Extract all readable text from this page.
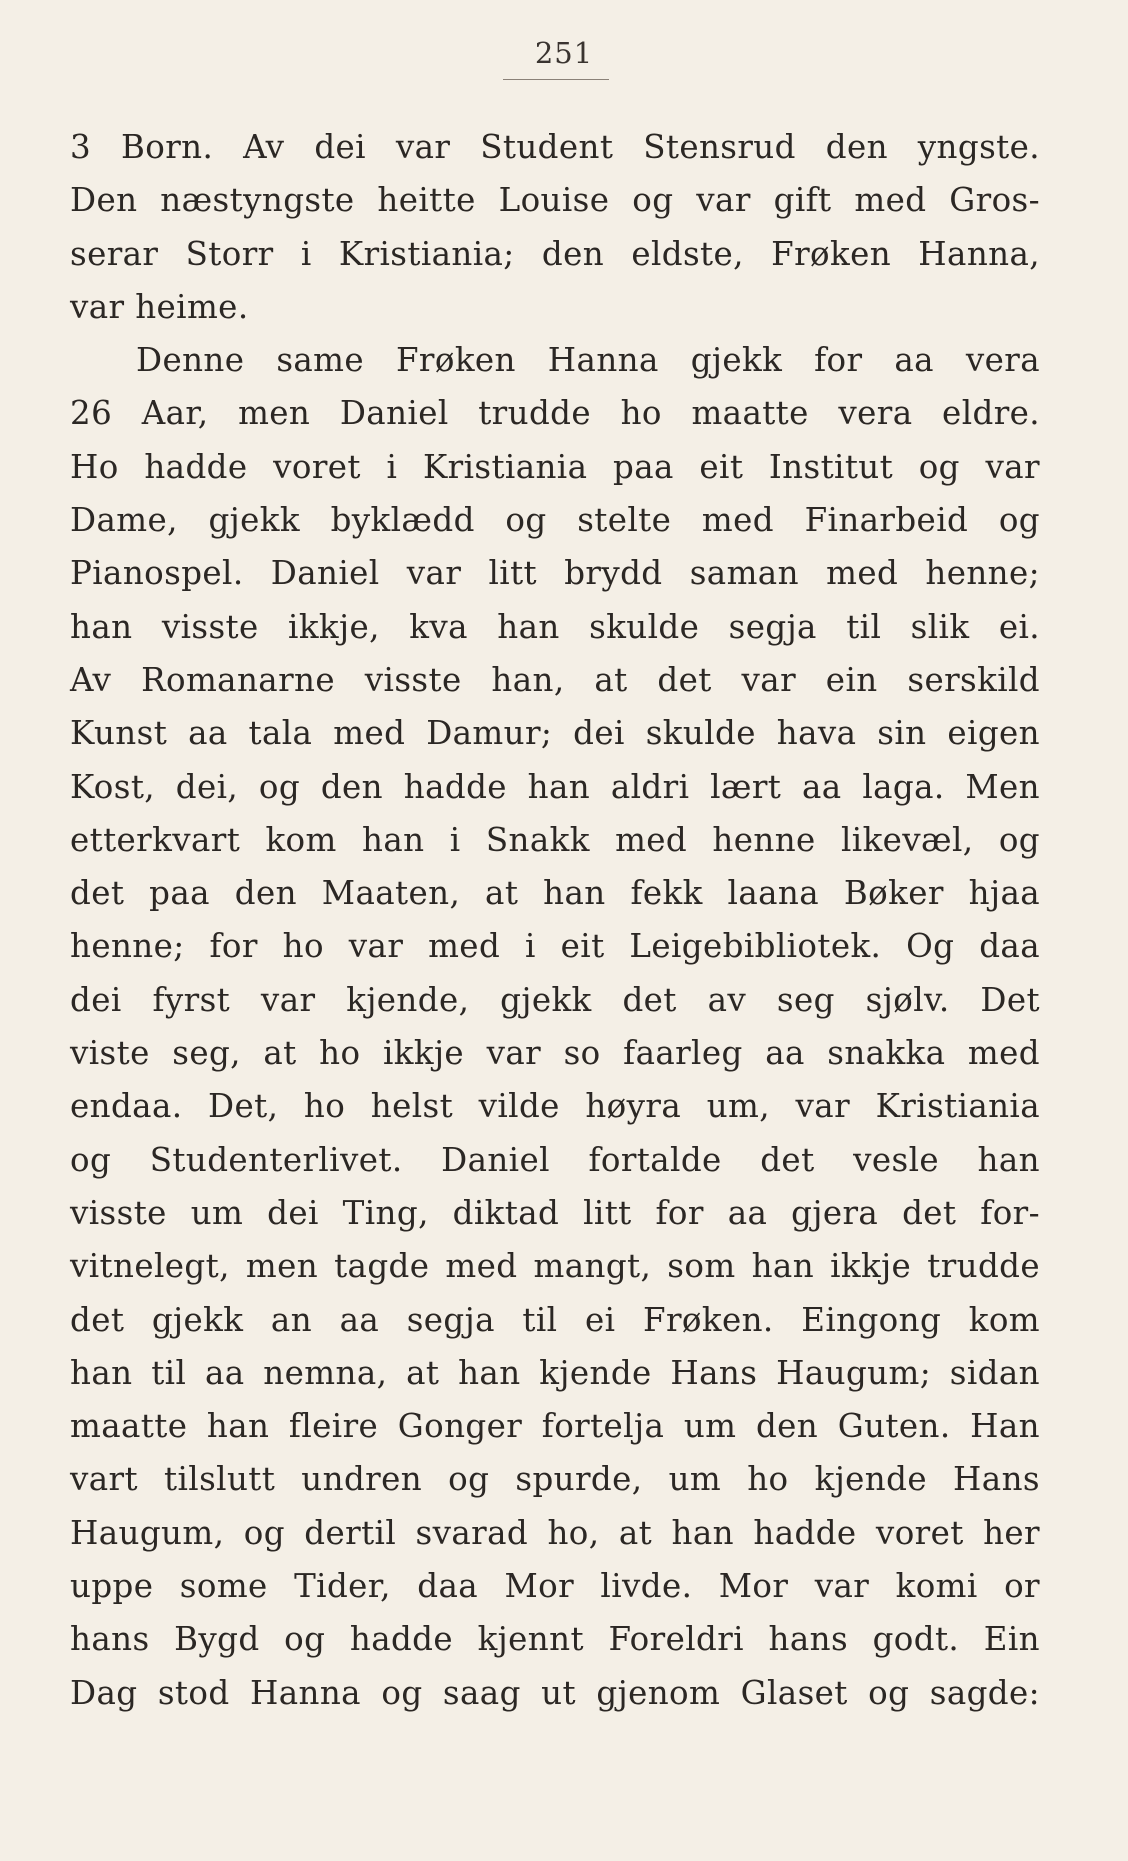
251
3 Born. Av dei var Student Stensrud den yngste.
Den næstyngste heitte Louise og var gift med Gros-
serar Storr i Kristiania; den eldste, Frøken Hanna,
var heime.
Denne same Frøken Hanna gjekk for aa vera
26 Aar, men Daniel trudde ho maatte vera eldre.
Ho hadde voret i Kristiania paa eit Institut og var
Dame, gjekk byklædd og stelte med Finarbeid og
Pianospel. Daniel var litt brydd saman med henne;
han visste ikkje, kva han skulde segja til slik ei.
Av Romanarne visste han, at det var ein serskild
Kunst aa tala med Damur; dei skulde hava sin eigen
Kost, dei, og den hadde han aldri lært aa laga. Men
etterkvart kom han i Snakk med henne likevæl, og
det paa den Maaten, at han fekk laana Bøker hjaa
henne; for ho var med i eit Leigebibliotek. Og daa
dei fyrst var kjende, gjekk det av seg sjølv. Det
viste seg, at ho ikkje var so faarleg aa snakka med
endaa. Det, ho helst vilde høyra um, var Kristiania
og Studenterlivet. Daniel fortalde det vesle han
visste um dei Ting, diktad litt for aa gjera det for-
vitnelegt, men tagde med mangt, som han ikkje trudde
det gjekk an aa segja til ei Frøken. Eingong kom
han til aa nemna, at han kjende Hans Haugum; sidan
maatte han fleire Gonger fortelja um den Guten. Han
vart tilslutt undren og spurde, um ho kjende Hans
Haugum, og dertil svarad ho, at han hadde voret her
uppe some Tider, daa Mor livde. Mor var komi or
hans Bygd og hadde kjennt Foreldri hans godt. Ein
Dag stod Hanna og saag ut gjenom Glaset og sagde:
